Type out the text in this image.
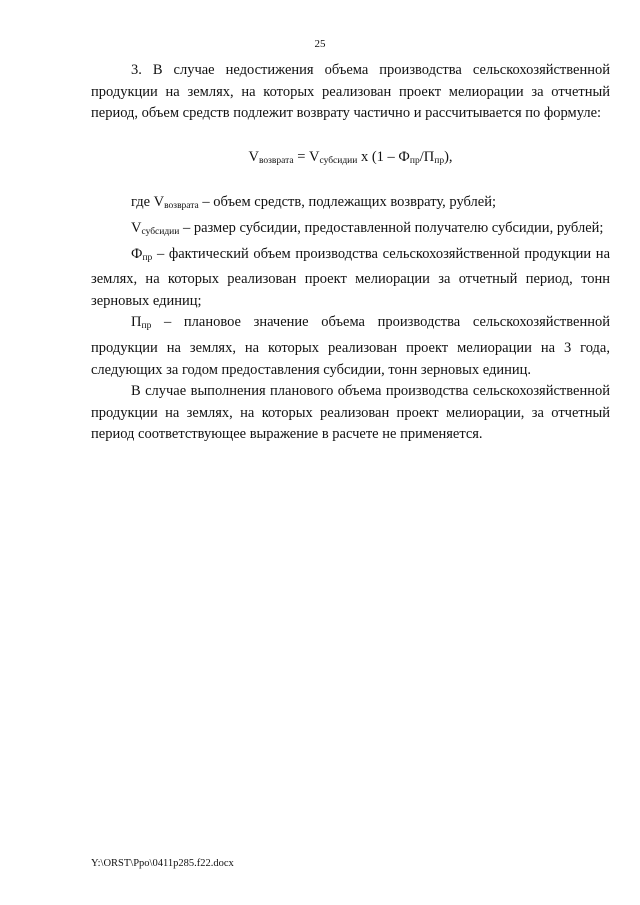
25

3. В случае недостижения объема производства сельскохозяйственной продукции на землях, на которых реализован проект мелиорации за отчетный период, объем средств подлежит возврату частично и рассчитывается по формуле:

$V_{возврата} = V_{субсидии}$ х $(1 - Ф_{пр}/П_{пр})$,

где $V_{возврата}$ – объем средств, подлежащих возврату, рублей;

$V_{субсидии}$ – размер субсидии, предоставленной получателю субсидии, рублей;

$Ф_{пр}$ – фактический объем производства сельскохозяйственной продукции на землях, на которых реализован проект мелиорации за отчетный период, тонн зерновых единиц;

$П_{пр}$ – плановое значение объема производства сельскохозяйственной продукции на землях, на которых реализован проект мелиорации на 3 года, следующих за годом предоставления субсидии, тонн зерновых единиц.

В случае выполнения планового объема производства сельскохозяйственной продукции на землях, на которых реализован проект мелиорации, за отчетный период соответствующее выражение в расчете не применяется.

Y:\ORST\Ppo\0411p285.f22.docx
